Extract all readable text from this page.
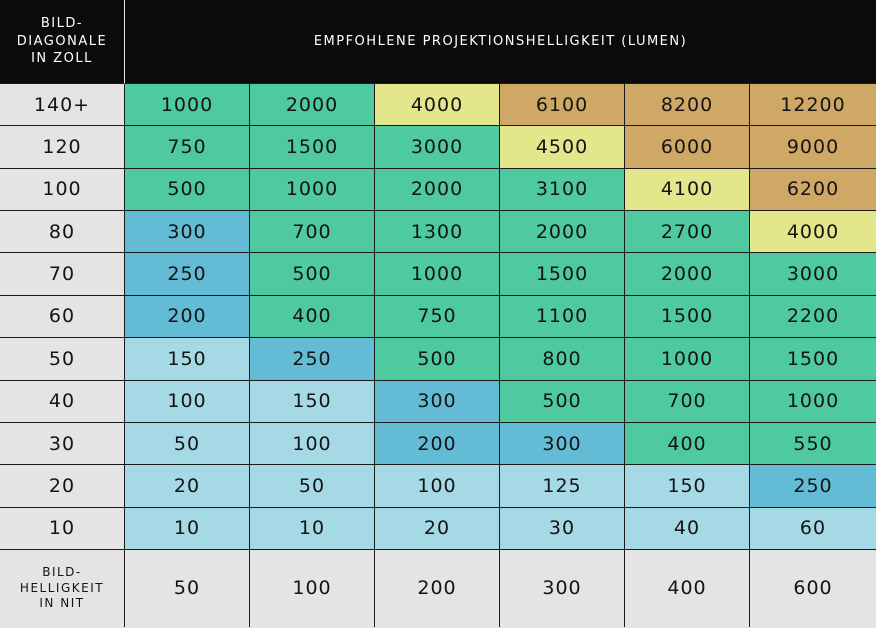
BILD-
DIAGONALE
IN ZOLL
EMPFOHLENE PROJEKTIONSHELLIGKEIT (LUMEN)
140+	1000	2000	4000	6100	8200	12200
120	750	1500	3000	4500	6000	9000
100	500	1000	2000	3100	4100	6200
80	300	700	1300	2000	2700	4000
70	250	500	1000	1500	2000	3000
60	200	400	750	1100	1500	2200
50	150	250	500	800	1000	1500
40	100	150	300	500	700	1000
30	50	100	200	300	400	550
20	20	50	100	125	150	250
10	10	10	20	30	40	60
BILD-
HELLIGKEIT
IN NIT
50	100	200	300	400	600
